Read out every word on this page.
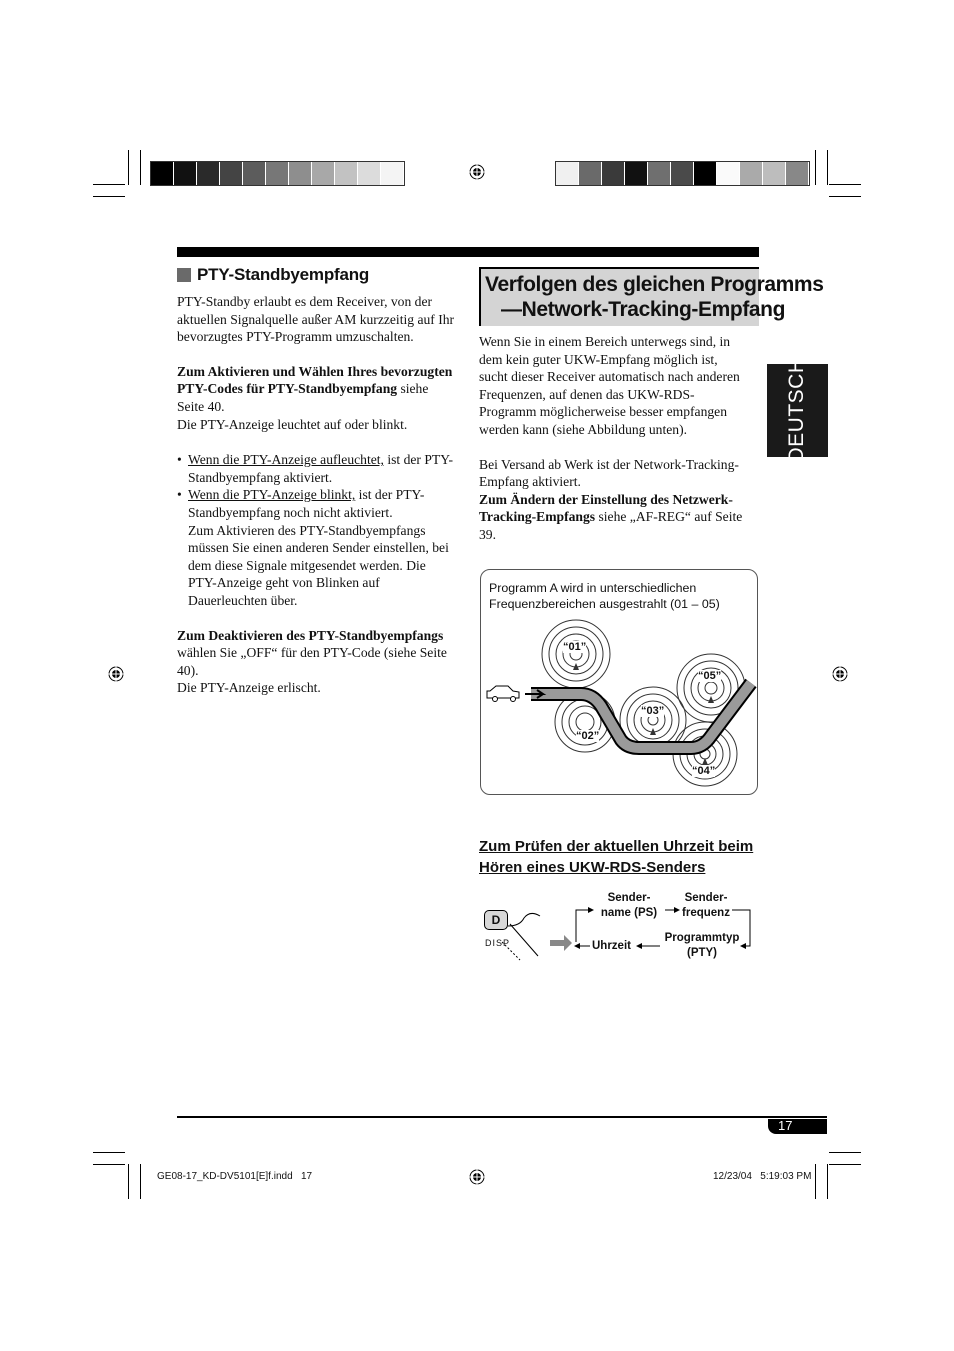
DEUTSCH
PTY-Standbyempfang

PTY-Standby erlaubt es dem Receiver, von der aktuellen Signalquelle außer AM kurzzeitig auf Ihr bevorzugtes PTY-Programm umzuschalten.

Zum Aktivieren und Wählen Ihres bevorzugten PTY-Codes für PTY-Standbyempfang siehe Seite 40.

Die PTY-Anzeige leuchtet auf oder blinkt.

• Wenn die PTY-Anzeige aufleuchtet, ist der PTY-Standbyempfang aktiviert.
• Wenn die PTY-Anzeige blinkt, ist der PTY-Standbyempfang noch nicht aktiviert.
Zum Aktivieren des PTY-Standbyempfangs müssen Sie einen anderen Sender einstellen, bei dem diese Signale mitgesendet werden. Die PTY-Anzeige geht von Blinken auf Dauerleuchten über.

Zum Deaktivieren des PTY-Standbyempfangs wählen Sie „OFF“ für den PTY-Code (siehe Seite 40).

Die PTY-Anzeige erlischt.

Verfolgen des gleichen Programms
—Network-Tracking-Empfang

Wenn Sie in einem Bereich unterwegs sind, in dem kein guter UKW-Empfang möglich ist, sucht dieser Receiver automatisch nach anderen Frequenzen, auf denen das UKW-RDS-Programm möglicherweise besser empfangen werden kann (siehe Abbildung unten).

Bei Versand ab Werk ist der Network-Tracking-Empfang aktiviert.

Zum Ändern der Einstellung des Netzwerk-Tracking-Empfangs siehe „AF-REG“ auf Seite 39.

Programm A wird in unterschiedlichen Frequenzbereichen ausgestrahlt (01 – 05)

“01”
“02”
“03”
“04”
“05”
Zum Prüfen der aktuellen Uhrzeit beim
Hören eines UKW-RDS-Senders
D
DISP
Sender-
name (PS)
Sender-
frequenz
Programmtyp
(PTY)
Uhrzeit
17
GE08-17_KD-DV5101[E]f.indd   17	12/23/04   5:19:03 PM
